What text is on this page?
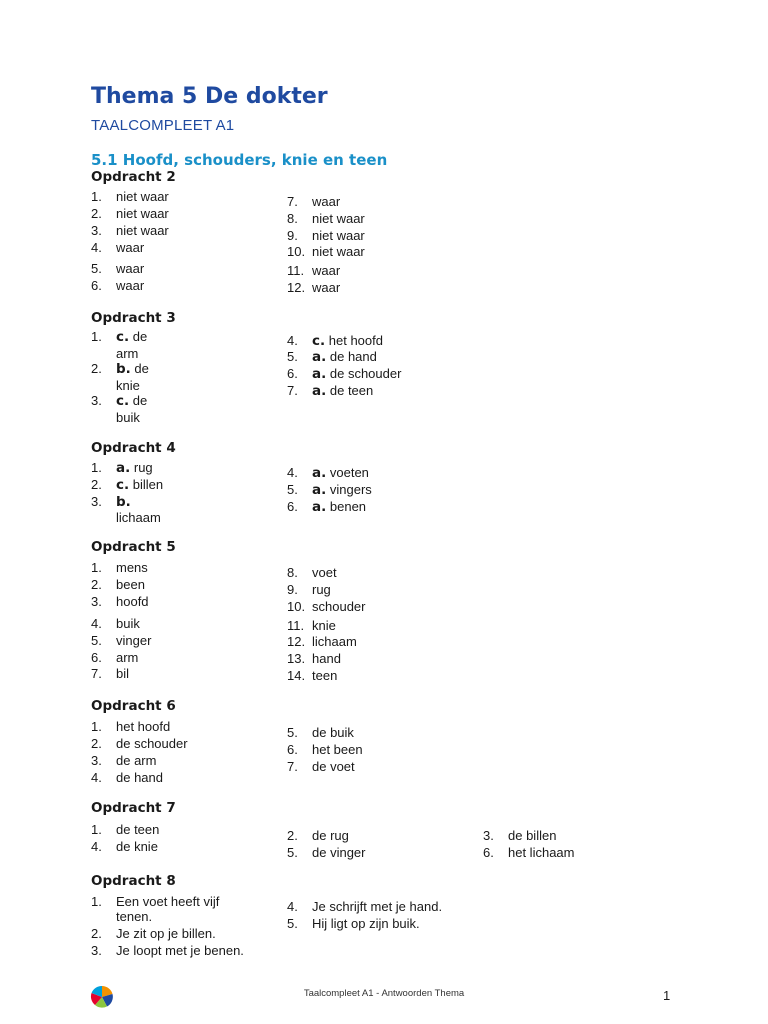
Thema 5 De dokter
TAALCOMPLEET A1
5.1 Hoofd, schouders, knie en teen
Opdracht 2
1. niet waar
2. niet waar
3. niet waar
4. waar
5. waar
6. waar
7. waar
8. niet waar
9. niet waar
10. niet waar
11. waar
12. waar
Opdracht 3
1. c. de
arm
2. b. de
knie
3. c. de
buik
4. c. het hoofd
5. a. de hand
6. a. de schouder
7. a. de teen
Opdracht 4
1. a. rug
2. c. billen
3. b.
lichaam
4. a. voeten
5. a. vingers
6. a. benen
Opdracht 5
1. mens
2. been
3. hoofd
4. buik
5. vinger
6. arm
7. bil
8. voet
9. rug
10. schouder
11. knie
12. lichaam
13. hand
14. teen
Opdracht 6
1. het hoofd
2. de schouder
3. de arm
4. de hand
5. de buik
6. het been
7. de voet
Opdracht 7
1. de teen
4. de knie
2. de rug
5. de vinger
3. de billen
6. het lichaam
Opdracht 8
1. Een voet heeft vijf
tenen.
2. Je zit op je billen.
3. Je loopt met je benen.
4. Je schrijft met je hand.
5. Hij ligt op zijn buik.
Taalcompleet A1 - Antwoorden Thema	1
